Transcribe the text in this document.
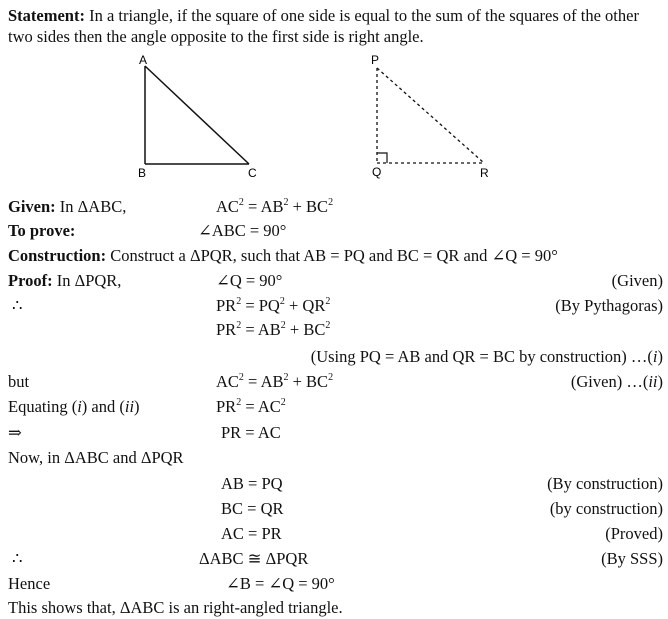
Statement: In a triangle, if the square of one side is equal to the sum of the squares of the other two sides then the angle opposite to the first side is right angle.
A
B	C
P
Q	R
Given: In ΔABC,	$AC^2 = AB^2 + BC^2$
To prove:	∠ABC = 90°
Construction: Construct a ΔPQR, such that AB = PQ and BC = QR and ∠Q = 90°
Proof: In ΔPQR,	∠Q = 90°	(Given)
∴	$PR^2 = PQ^2 + QR^2$	(By Pythagoras)
$PR^2 = AB^2 + BC^2$
(Using PQ = AB and QR = BC by construction) …(i)
but	$AC^2 = AB^2 + BC^2$	(Given) …(ii)
Equating (i) and (ii)	$PR^2 = AC^2$
⇒	PR = AC
Now, in ΔABC and ΔPQR
AB = PQ	(By construction)
BC = QR	(by construction)
AC = PR	(Proved)
∴	ΔABC ≅ ΔPQR	(By SSS)
Hence	∠B = ∠Q = 90°
This shows that, ΔABC is an right-angled triangle.
